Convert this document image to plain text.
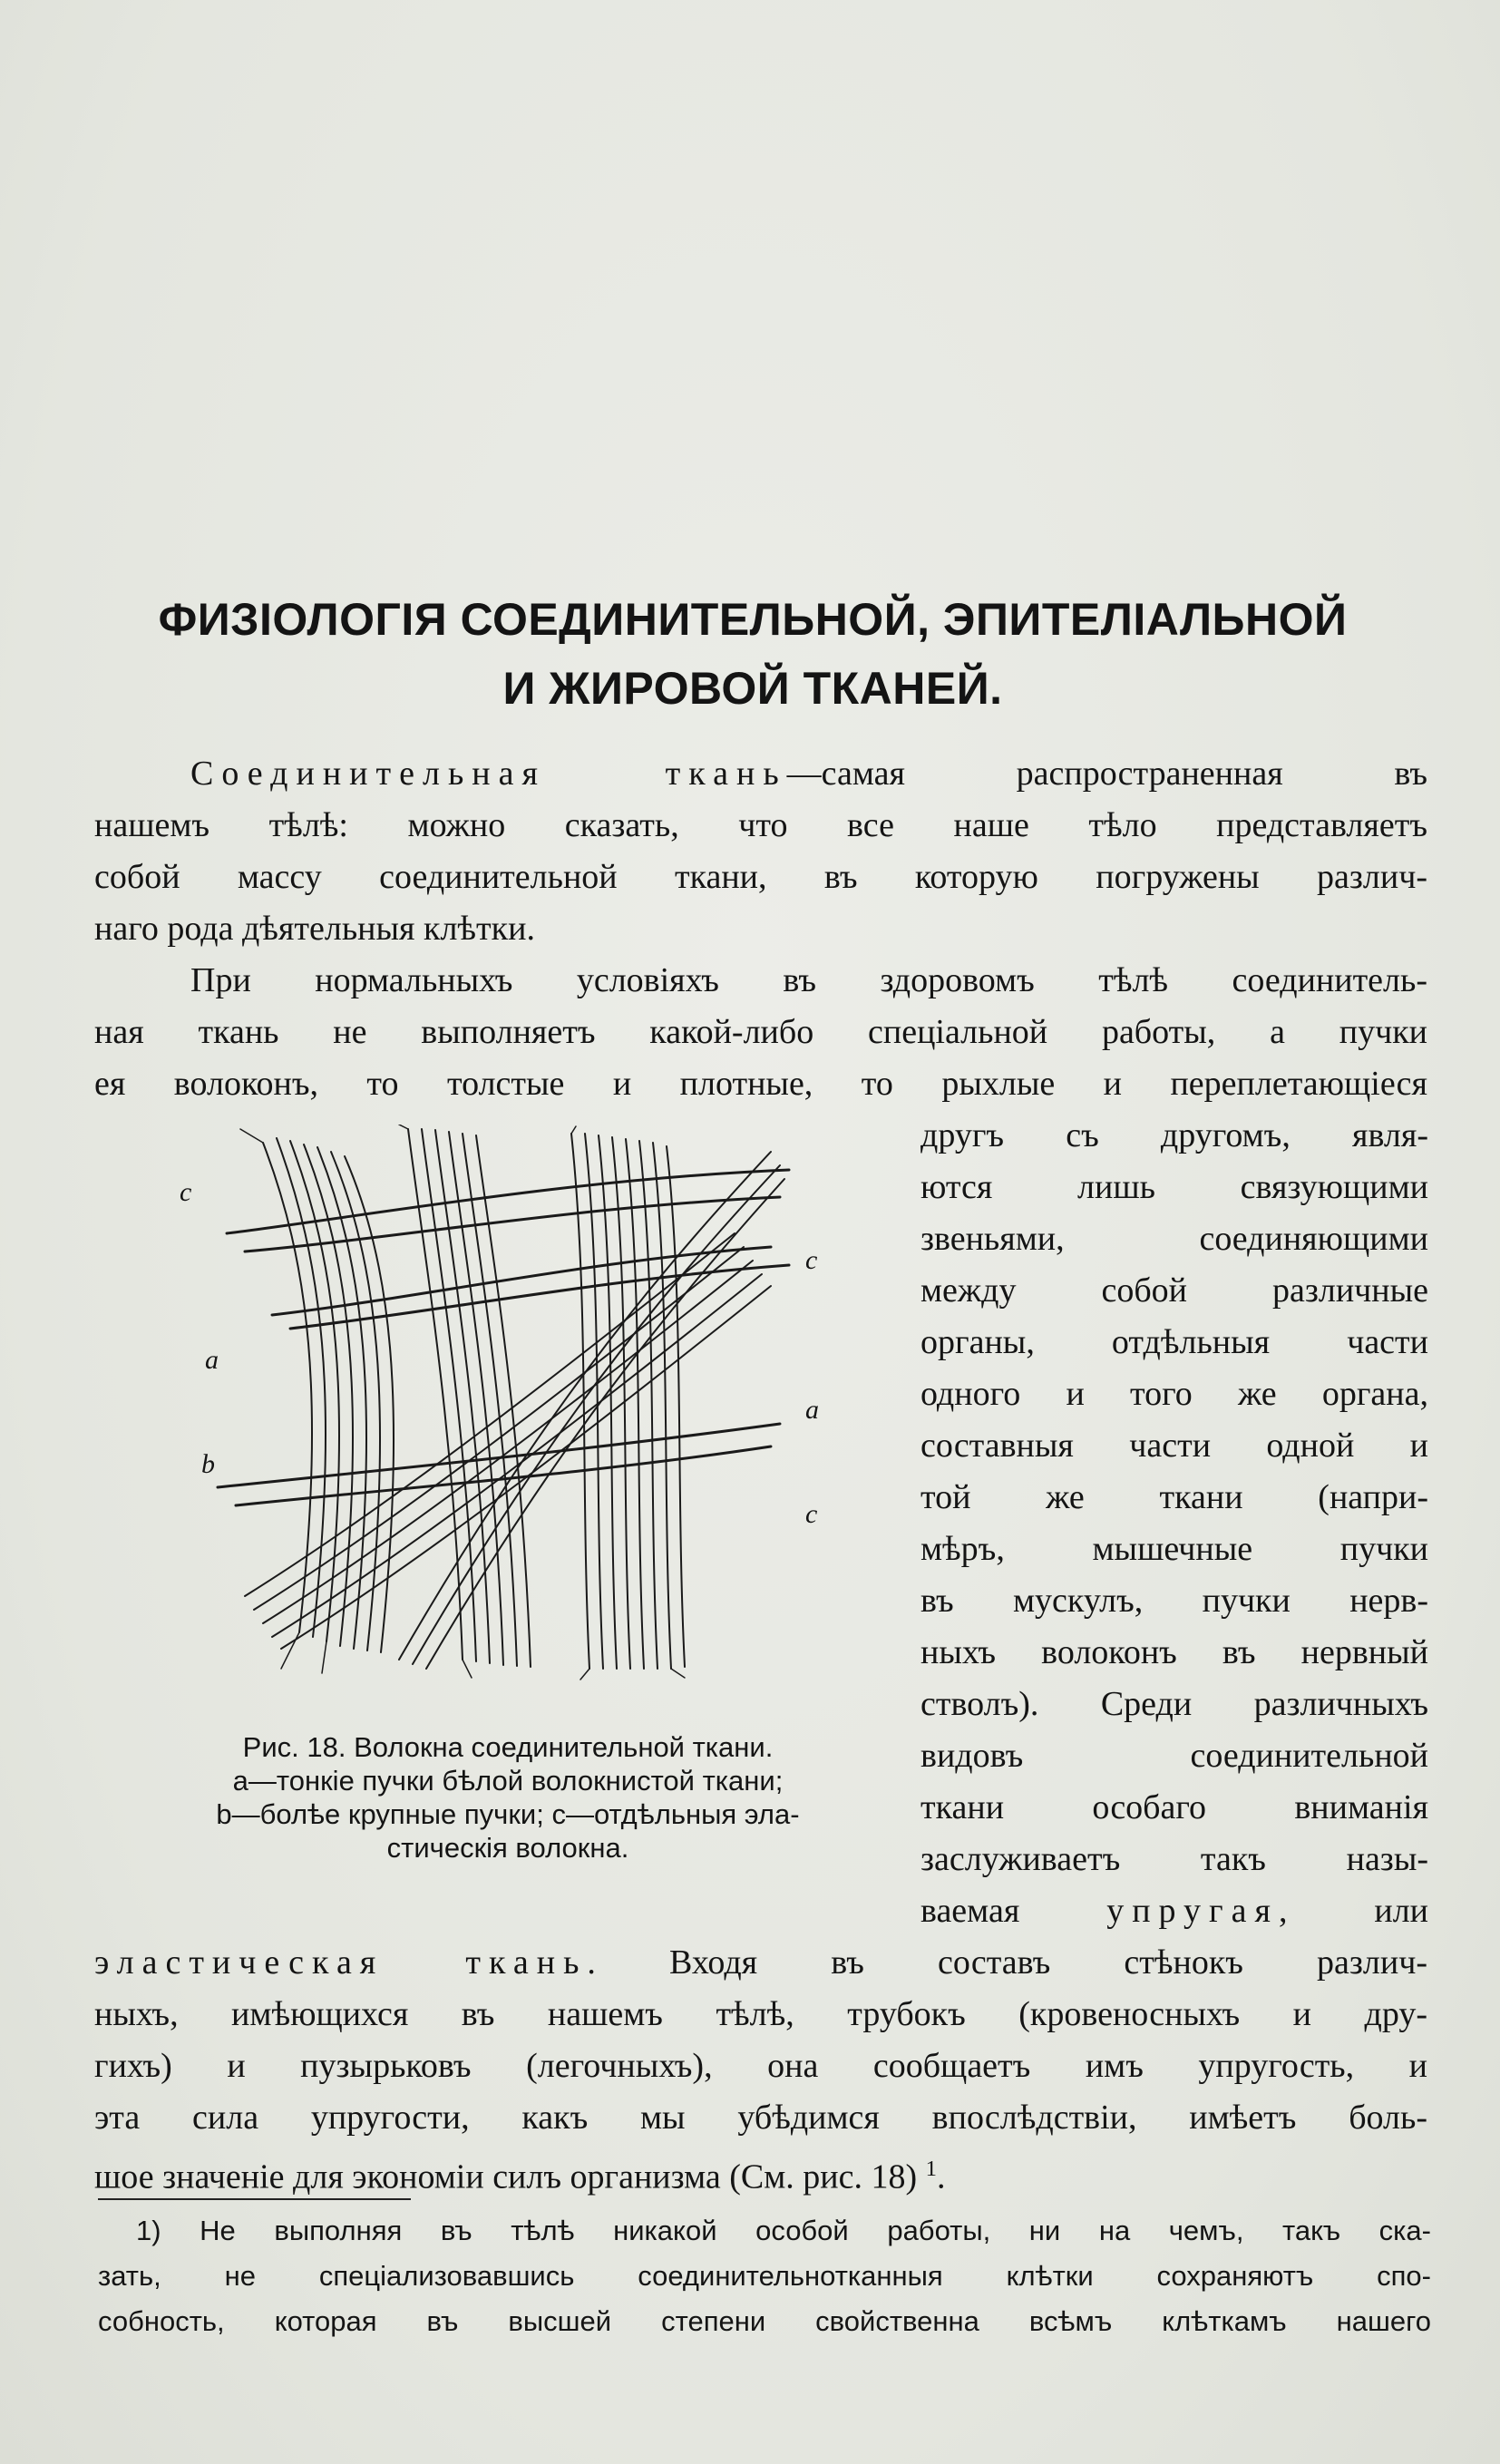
ФИЗIОЛОГIЯ СОЕДИНИТЕЛЬНОЙ, ЭПИТЕЛIАЛЬНОЙ
И ЖИРОВОЙ ТКАНЕЙ.
Соединительная ткань—самая распространенная въ
нашемъ тѣлѣ: можно сказать, что все наше тѣло представляетъ
собой массу соединительной ткани, въ которую погружены различ-
наго рода дѣятельныя клѣтки.
При нормальныхъ условiяхъ въ здоровомъ тѣлѣ соединитель-
ная ткань не выполняетъ какой-либо спецiальной работы, а пучки
ея волоконъ, то толстые и плотные, то рыхлые и переплетающiеся
другъ съ другомъ, явля-
ются лишь связующими
звеньями, соединяющими
между собой различные
органы, отдѣльныя части
одного и того же органа,
составныя части одной и
той же ткани (напри-
мѣръ, мышечные пучки
въ мускулъ, пучки нерв-
ныхъ волоконъ въ нервный
стволъ). Среди различныхъ
видовъ соединительной
ткани особаго вниманiя
заслуживаетъ такъ назы-
ваемая упругая, или
c
a
b
c
a
c
Рис. 18. Волокна соединительной ткани.
a—тонкiе пучки бѣлой волокнистой ткани;
b—болѣе крупные пучки; c—отдѣльныя эла-
стическiя волокна.
эластическая ткань. Входя въ составъ стѣнокъ различ-
ныхъ, имѣющихся въ нашемъ тѣлѣ, трубокъ (кровеносныхъ и дру-
гихъ) и пузырьковъ (легочныхъ), она сообщаетъ имъ упругость, и
эта сила упругости, какъ мы убѣдимся впослѣдствiи, имѣетъ боль-
шое значенiе для экономiи силъ организма (См. рис. 18) $^1$.
1) Не выполняя въ тѣлѣ никакой особой работы, ни на чемъ, такъ ска-
зать, не спецiализовавшись соединительнотканныя клѣтки сохраняютъ спо-
собность, которая въ высшей степени свойственна всѣмъ клѣткамъ нашего
